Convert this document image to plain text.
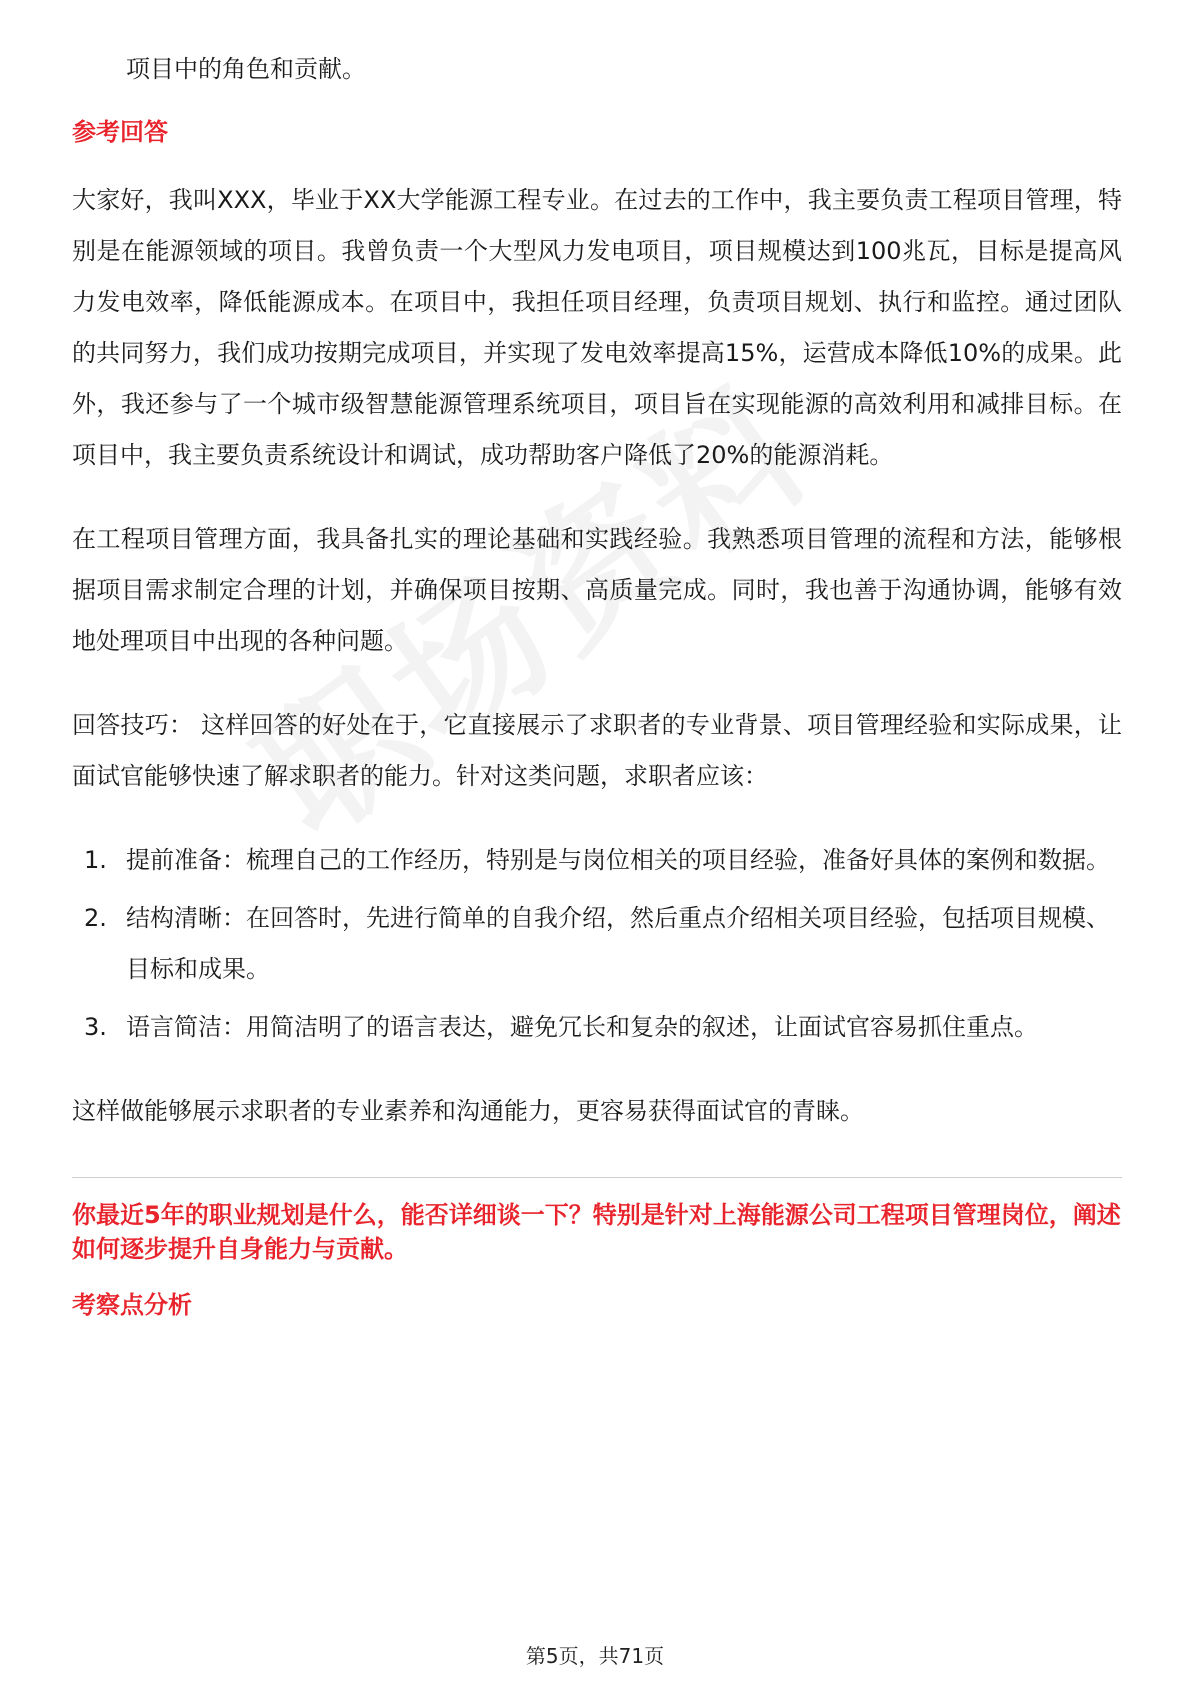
项目中的角色和贡献。

参考回答

大家好，我叫XXX，毕业于XX大学能源工程专业。在过去的工作中，我主要负责工程项目管理，特别是在能源领域的项目。我曾负责一个大型风力发电项目，项目规模达到100兆瓦，目标是提高风力发电效率，降低能源成本。在项目中，我担任项目经理，负责项目规划、执行和监控。通过团队的共同努力，我们成功按期完成项目，并实现了发电效率提高15%，运营成本降低10%的成果。此外，我还参与了一个城市级智慧能源管理系统项目，项目旨在实现能源的高效利用和减排目标。在项目中，我主要负责系统设计和调试，成功帮助客户降低了20%的能源消耗。

在工程项目管理方面，我具备扎实的理论基础和实践经验。我熟悉项目管理的流程和方法，能够根据项目需求制定合理的计划，并确保项目按期、高质量完成。同时，我也善于沟通协调，能够有效地处理项目中出现的各种问题。

回答技巧： 这样回答的好处在于，它直接展示了求职者的专业背景、项目管理经验和实际成果，让面试官能够快速了解求职者的能力。针对这类问题，求职者应该：

1. 提前准备：梳理自己的工作经历，特别是与岗位相关的项目经验，准备好具体的案例和数据。
2. 结构清晰：在回答时，先进行简单的自我介绍，然后重点介绍相关项目经验，包括项目规模、目标和成果。
3. 语言简洁：用简洁明了的语言表达，避免冗长和复杂的叙述，让面试官容易抓住重点。

这样做能够展示求职者的专业素养和沟通能力，更容易获得面试官的青睐。

你最近5年的职业规划是什么，能否详细谈一下？特别是针对上海能源公司工程项目管理岗位，阐述如何逐步提升自身能力与贡献。

考察点分析

第5页，共71页
